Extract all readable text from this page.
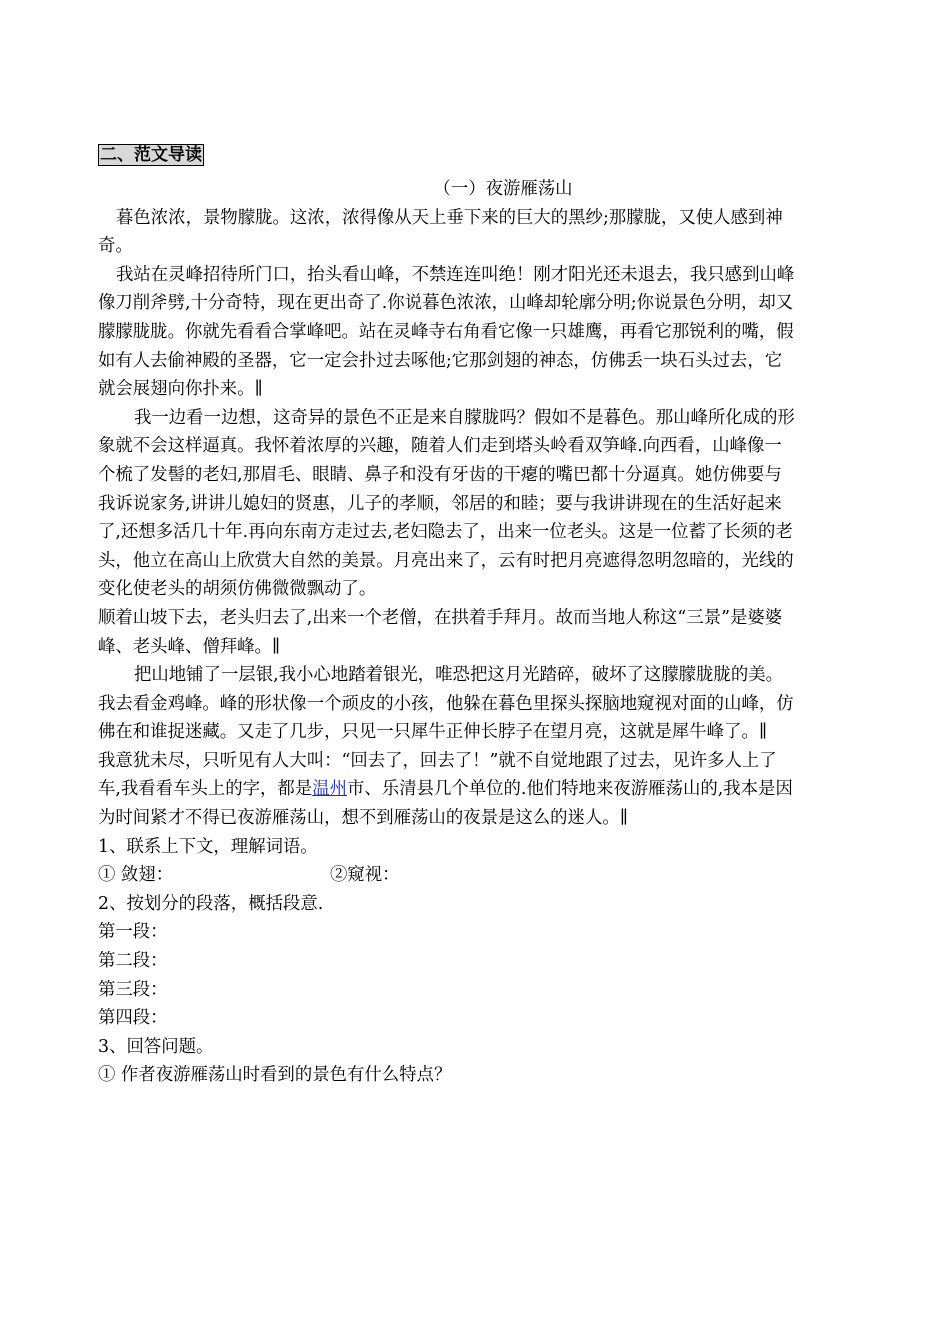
二、范文导读

（一）夜游雁荡山

暮色浓浓，景物朦胧。这浓，浓得像从天上垂下来的巨大的黑纱;那朦胧，又使人感到神奇。

我站在灵峰招待所门口，抬头看山峰，不禁连连叫绝！刚才阳光还未退去，我只感到山峰像刀削斧劈,十分奇特，现在更出奇了.你说暮色浓浓，山峰却轮廓分明;你说景色分明，却又朦朦胧胧。你就先看看合掌峰吧。站在灵峰寺右角看它像一只雄鹰，再看它那锐利的嘴，假如有人去偷神殿的圣器，它一定会扑过去啄他;它那剑翅的神态，仿佛丢一块石头过去，它就会展翅向你扑来。∥

我一边看一边想，这奇异的景色不正是来自朦胧吗？假如不是暮色。那山峰所化成的形象就不会这样逼真。我怀着浓厚的兴趣，随着人们走到塔头岭看双笋峰.向西看，山峰像一个梳了发髻的老妇,那眉毛、眼睛、鼻子和没有牙齿的干瘪的嘴巴都十分逼真。她仿佛要与我诉说家务,讲讲儿媳妇的贤惠，儿子的孝顺，邻居的和睦；要与我讲讲现在的生活好起来了,还想多活几十年.再向东南方走过去,老妇隐去了，出来一位老头。这是一位蓄了长须的老头，他立在高山上欣赏大自然的美景。月亮出来了，云有时把月亮遮得忽明忽暗的，光线的变化使老头的胡须仿佛微微飘动了。

顺着山坡下去，老头归去了,出来一个老僧，在拱着手拜月。故而当地人称这“三景”是婆婆峰、老头峰、僧拜峰。∥

把山地铺了一层银,我小心地踏着银光，唯恐把这月光踏碎，破坏了这朦朦胧胧的美。我去看金鸡峰。峰的形状像一个顽皮的小孩，他躲在暮色里探头探脑地窥视对面的山峰，仿佛在和谁捉迷藏。又走了几步，只见一只犀牛正伸长脖子在望月亮，这就是犀牛峰了。∥

我意犹未尽，只听见有人大叫：“回去了，回去了！”就不自觉地跟了过去，见许多人上了车,我看看车头上的字，都是温州市、乐清县几个单位的.他们特地来夜游雁荡山的,我本是因为时间紧才不得已夜游雁荡山，想不到雁荡山的夜景是这么的迷人。∥

1、联系上下文，理解词语。

① 敛翅：	②窥视：

2、按划分的段落，概括段意.

第一段：

第二段：

第三段：

第四段：

3、回答问题。

① 作者夜游雁荡山时看到的景色有什么特点？
